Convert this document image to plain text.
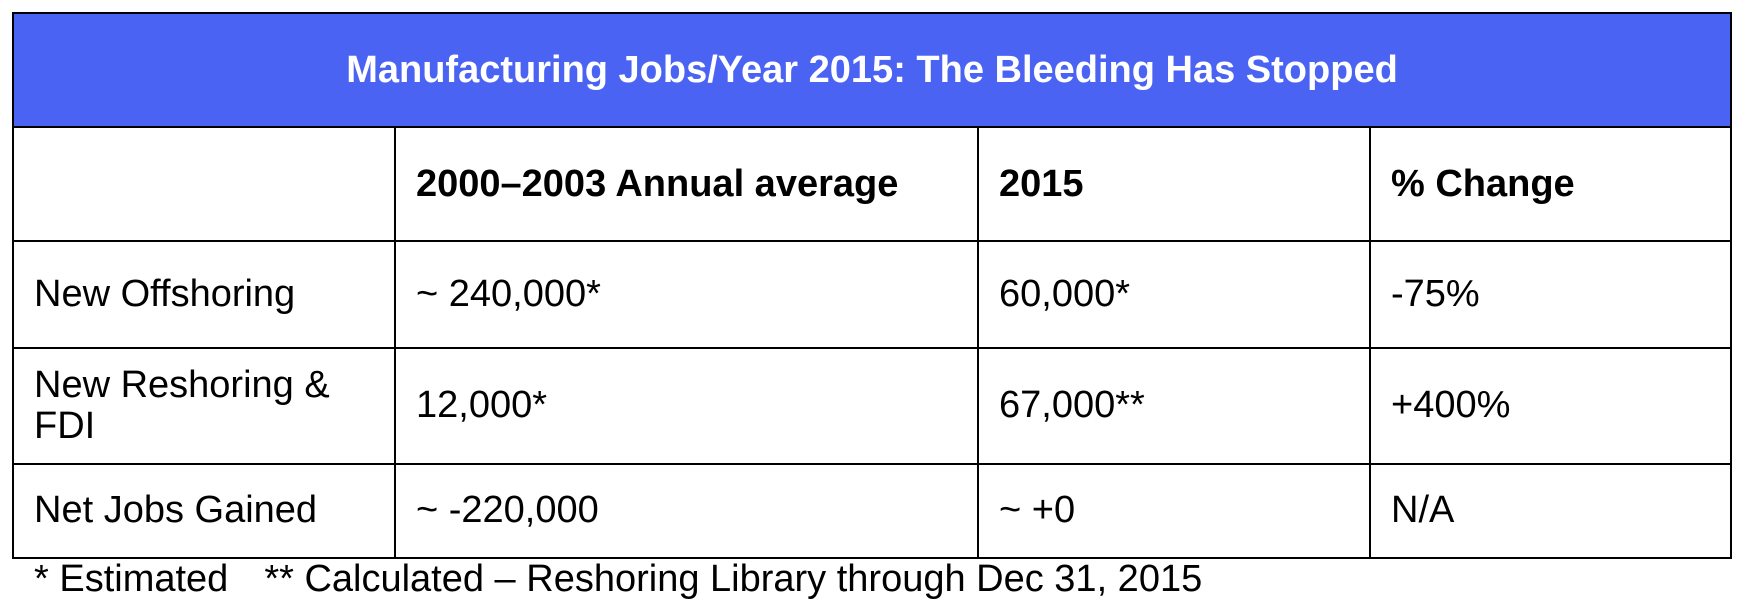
Manufacturing Jobs/Year 2015: The Bleeding Has Stopped			
	2000–2003 Annual average	2015	% Change
New Offshoring	~ 240,000*	60,000*	-75%
New Reshoring &
FDI	12,000*	67,000**	+400%
Net Jobs Gained	~ -220,000	~ +0	N/A
* Estimated ** Calculated – Reshoring Library through Dec 31, 2015
